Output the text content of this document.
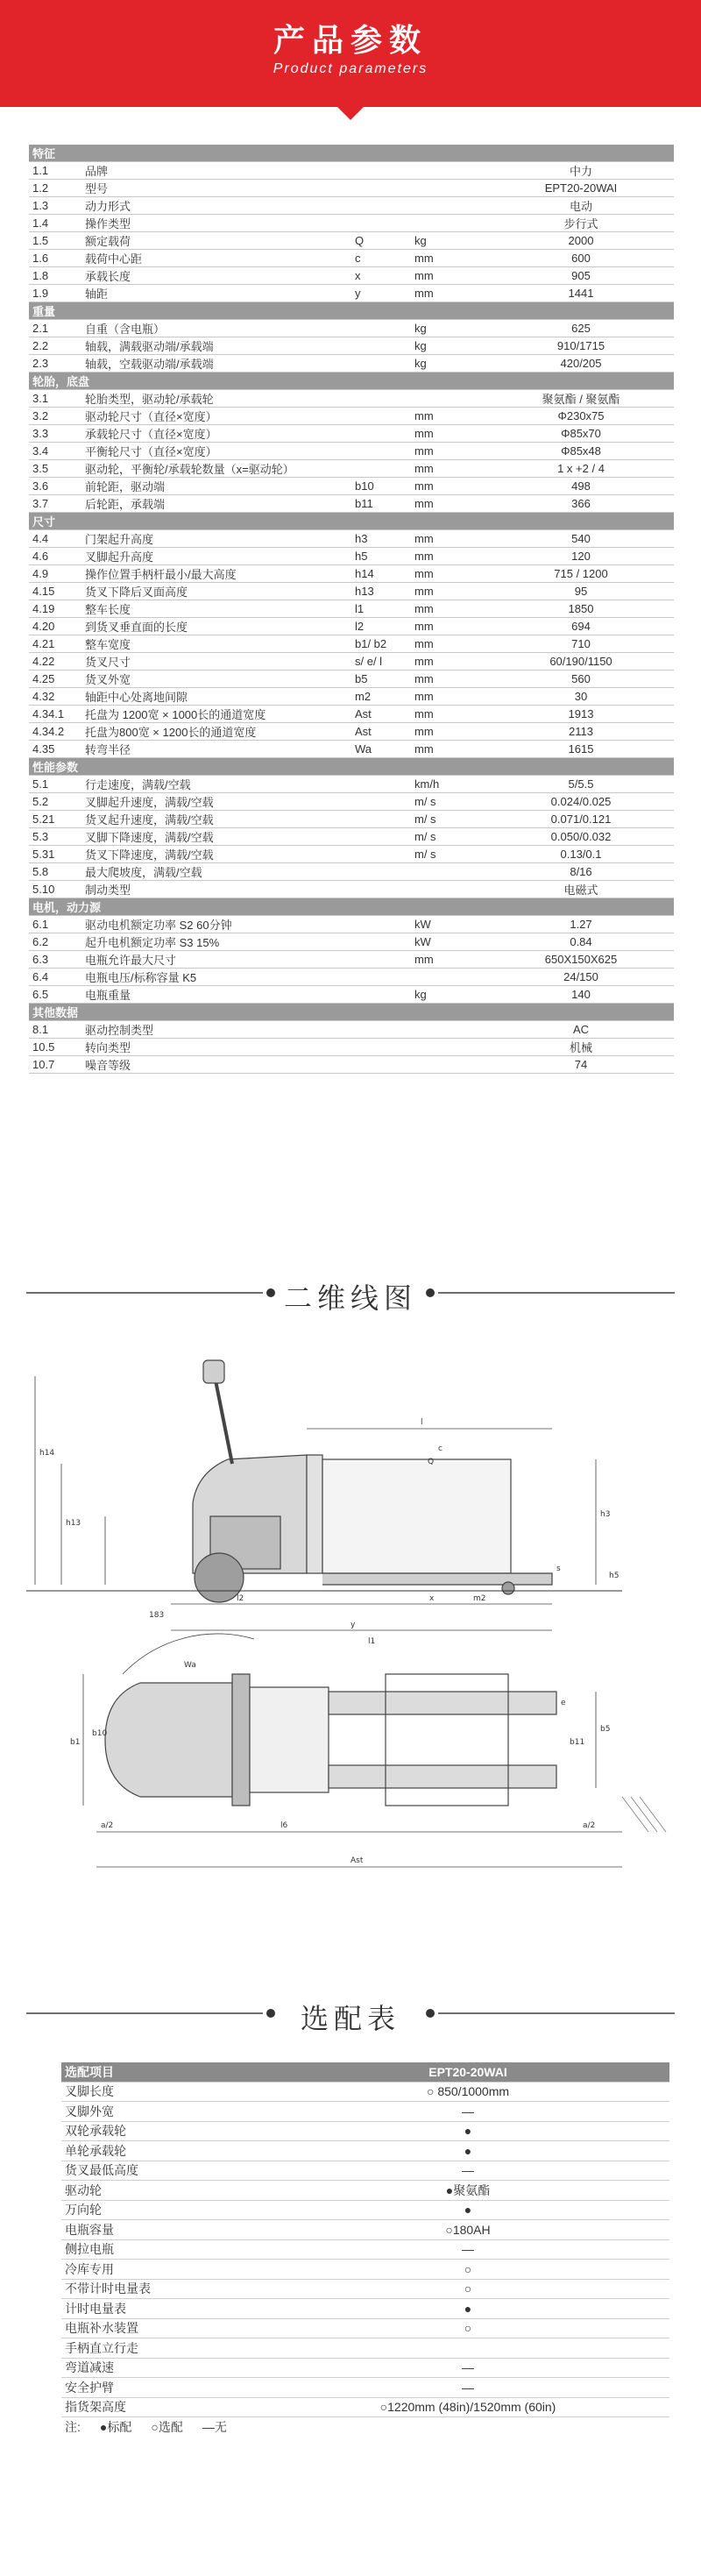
产品参数
Product parameters
特征				
1.1	品牌			中力
1.2	型号			EPT20-20WAI
1.3	动力形式			电动
1.4	操作类型			步行式
1.5	额定载荷	Q	kg	2000
1.6	载荷中心距	c	mm	600
1.8	承载长度	x	mm	905
1.9	轴距	y	mm	1441
重量				
2.1	自重（含电瓶）		kg	625
2.2	轴载，满载驱动端/承载端		kg	910/1715
2.3	轴载，空载驱动端/承载端		kg	420/205
轮胎，底盘				
3.1	轮胎类型，驱动轮/承载轮			聚氨酯 / 聚氨酯
3.2	驱动轮尺寸（直径×宽度）		mm	Φ230x75
3.3	承载轮尺寸（直径×宽度）		mm	Φ85x70
3.4	平衡轮尺寸（直径×宽度）		mm	Φ85x48
3.5	驱动轮，平衡轮/承载轮数量（x=驱动轮）		mm	1 x +2 / 4
3.6	前轮距，驱动端	b10	mm	498
3.7	后轮距，承载端	b11	mm	366
尺寸				
4.4	门架起升高度	h3	mm	540
4.6	叉脚起升高度	h5	mm	120
4.9	操作位置手柄杆最小/最大高度	h14	mm	715 / 1200
4.15	货叉下降后叉面高度	h13	mm	95
4.19	整车长度	l1	mm	1850
4.20	到货叉垂直面的长度	l2	mm	694
4.21	整车宽度	b1/ b2	mm	710
4.22	货叉尺寸	s/ e/ l	mm	60/190/1150
4.25	货叉外宽	b5	mm	560
4.32	轴距中心处离地间隙	m2	mm	30
4.34.1	托盘为 1200宽 × 1000长的通道宽度	Ast	mm	1913
4.34.2	托盘为800宽 × 1200长的通道宽度	Ast	mm	2113
4.35	转弯半径	Wa	mm	1615
性能参数				
5.1	行走速度，满载/空载		km/h	5/5.5
5.2	叉脚起升速度，满载/空载		m/ s	0.024/0.025
5.21	货叉起升速度，满载/空载		m/ s	0.071/0.121
5.3	叉脚下降速度，满载/空载		m/ s	0.050/0.032
5.31	货叉下降速度，满载/空载		m/ s	0.13/0.1
5.8	最大爬坡度，满载/空载			8/16
5.10	制动类型			电磁式
电机，动力源				
6.1	驱动电机额定功率 S2 60分钟		kW	1.27
6.2	起升电机额定功率 S3 15%		kW	0.84
6.3	电瓶允许最大尺寸		mm	650X150X625
6.4	电瓶电压/标称容量 K5			24/150
6.5	电瓶重量		kg	140
其他数据				
8.1	驱动控制类型			AC
10.5	转向类型			机械
10.7	噪音等级			74
二维线图
l
Q
c
h14
h13
h3
h5
l2	x
y
l1
s
m2
183
Wa
b1
b10
b11
b5
e
a/2	l6	a/2
Ast
选配表
选配项目	EPT20-20WAI
叉脚长度	○ 850/1000mm
叉脚外宽	—
双轮承载轮	●
单轮承载轮	●
货叉最低高度	—
驱动轮	●聚氨酯
万向轮	●
电瓶容量	○180AH
侧拉电瓶	—
冷库专用	○
不带计时电量表	○
计时电量表	●
电瓶补水装置	○
手柄直立行走	
弯道减速	—
安全护臂	—
指货架高度	○1220mm (48in)/1520mm (60in)
注: ●标配 ○选配 —无	
